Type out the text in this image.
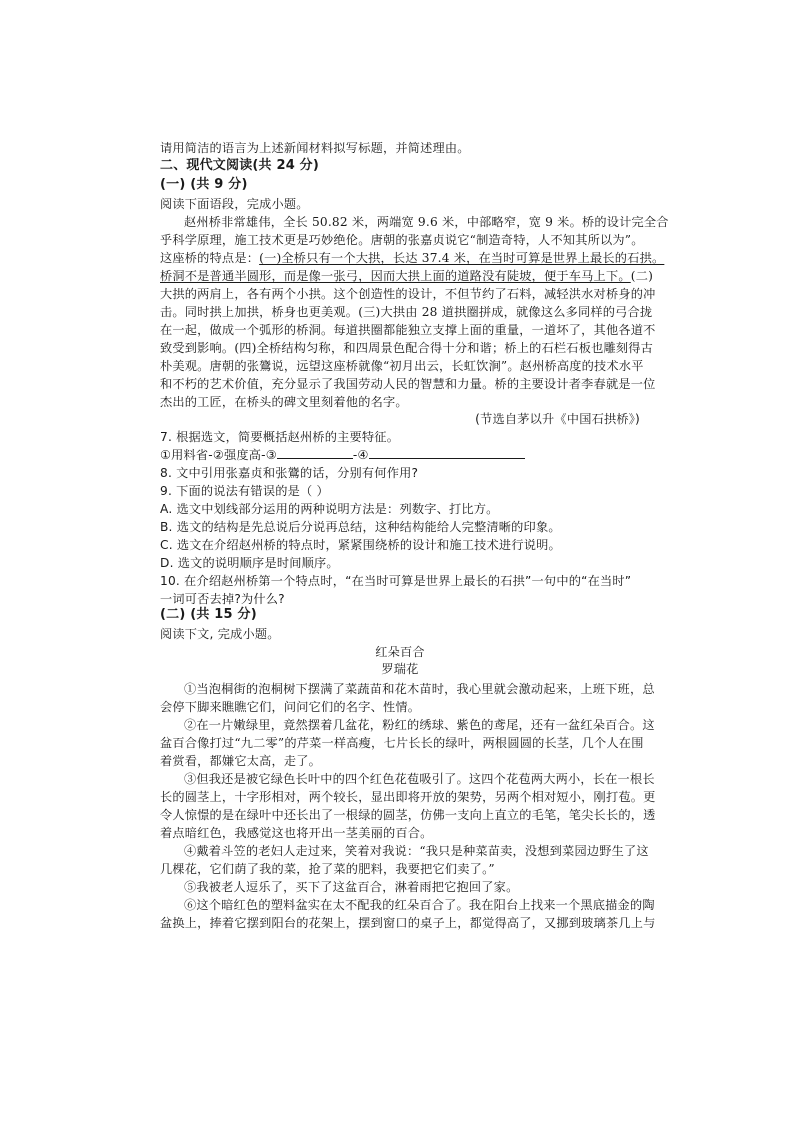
请用简洁的语言为上述新闻材料拟写标题，并简述理由。
二、现代文阅读(共 24 分)
(一) (共 9 分)
阅读下面语段，完成小题。
赵州桥非常雄伟，全长 50.82 米，两端宽 9.6 米，中部略窄，宽 9 米。桥的设计完全合
乎科学原理，施工技术更是巧妙绝伦。唐朝的张嘉贞说它“制造奇特，人不知其所以为”。
这座桥的特点是：(一)全桥只有一个大拱，长达 37.4 米，在当时可算是世界上最长的石拱。
桥洞不是普通半圆形，而是像一张弓，因而大拱上面的道路没有陡坡，便于车马上下。(二)
大拱的两肩上，各有两个小拱。这个创造性的设计，不但节约了石料，减轻洪水对桥身的冲
击。同时拱上加拱，桥身也更美观。(三)大拱由 28 道拱圈拼成，就像这么多同样的弓合拢
在一起，做成一个弧形的桥洞。每道拱圈都能独立支撑上面的重量，一道坏了，其他各道不
致受到影响。(四)全桥结构匀称，和四周景色配合得十分和谐；桥上的石栏石板也雕刻得古
朴美观。唐朝的张鷟说，远望这座桥就像“初月出云，长虹饮涧”。赵州桥高度的技术水平
和不朽的艺术价值，充分显示了我国劳动人民的智慧和力量。桥的主要设计者李春就是一位
杰出的工匠，在桥头的碑文里刻着他的名字。
(节选自茅以升《中国石拱桥》)
7. 根据选文，简要概括赵州桥的主要特征。
①用料省-②强度高-③	-④
8. 文中引用张嘉贞和张鷟的话，分别有何作用?
9. 下面的说法有错误的是（ ）
A. 选文中划线部分运用的两种说明方法是：列数字、打比方。
B. 选文的结构是先总说后分说再总结，这种结构能给人完整清晰的印象。
C. 选文在介绍赵州桥的特点时，紧紧围绕桥的设计和施工技术进行说明。
D. 选文的说明顺序是时间顺序。
10. 在介绍赵州桥第一个特点时，“在当时可算是世界上最长的石拱”一句中的“在当时”
一词可否去掉?为什么?
(二) (共 15 分)
阅读下文, 完成小题。
红朵百合
罗瑞花
①当泡桐街的泡桐树下摆满了菜蔬苗和花木苗时，我心里就会激动起来，上班下班，总
会停下脚来瞧瞧它们，问问它们的名字、性情。
②在一片嫩绿里，竟然摆着几盆花，粉红的绣球、紫色的鸢尾，还有一盆红朵百合。这
盆百合像打过“九二零”的芹菜一样高瘦，七片长长的绿叶，两根圆圆的长茎，几个人在围
着赏看，都嫌它太高，走了。
③但我还是被它绿色长叶中的四个红色花苞吸引了。这四个花苞两大两小，长在一根长
长的圆茎上，十字形相对，两个较长，显出即将开放的架势，另两个相对短小，刚打苞。更
令人惊憬的是在绿叶中还长出了一根绿的圆茎，仿佛一支向上直立的毛笔，笔尖长长的，透
着点暗红色，我感觉这也将开出一茎美丽的百合。
④戴着斗笠的老妇人走过来，笑着对我说：“我只是种菜苗卖，没想到菜园边野生了这
几棵花，它们荫了我的菜，抢了菜的肥料，我要把它们卖了。”
⑤我被老人逗乐了，买下了这盆百合，淋着雨把它抱回了家。
⑥这个暗红色的塑料盆实在太不配我的红朵百合了。我在阳台上找来一个黑底描金的陶
盆换上，捧着它摆到阳台的花架上，摆到窗口的桌子上，都觉得高了，又挪到玻璃茶几上与
